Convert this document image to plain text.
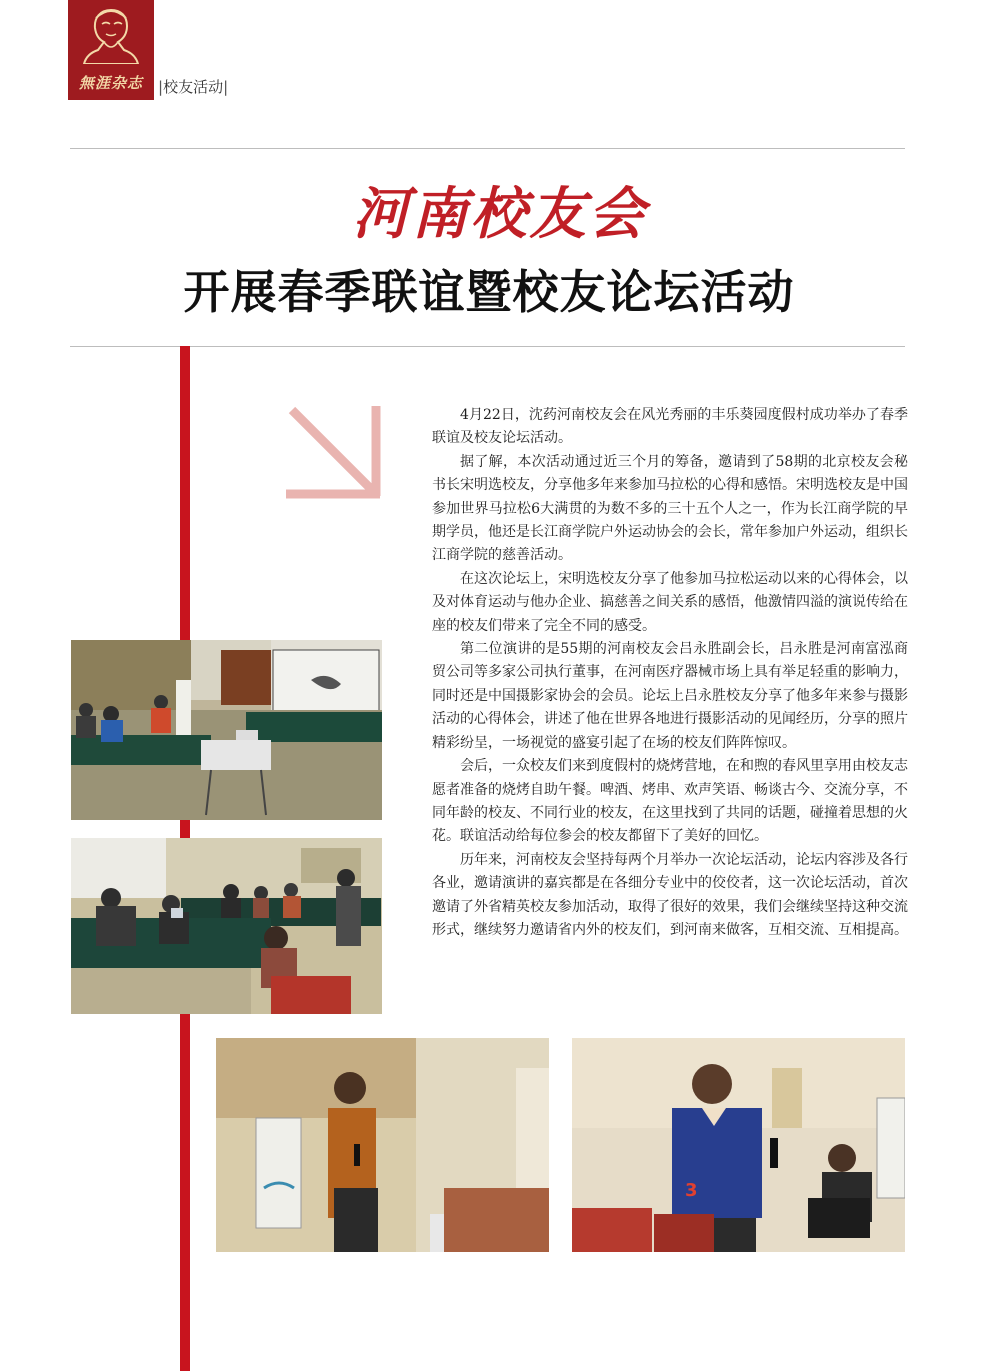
無涯杂志	|校友活动|
河南校友会
开展春季联谊暨校友论坛活动

4月22日，沈药河南校友会在风光秀丽的丰乐葵园度假村成功举办了春季联谊及校友论坛活动。

据了解，本次活动通过近三个月的筹备，邀请到了58期的北京校友会秘书长宋明选校友，分享他多年来参加马拉松的心得和感悟。宋明选校友是中国参加世界马拉松6大满贯的为数不多的三十五个人之一，作为长江商学院的早期学员，他还是长江商学院户外运动协会的会长，常年参加户外运动，组织长江商学院的慈善活动。

在这次论坛上，宋明选校友分享了他参加马拉松运动以来的心得体会，以及对体育运动与他办企业、搞慈善之间关系的感悟，他激情四溢的演说传给在座的校友们带来了完全不同的感受。

第二位演讲的是55期的河南校友会吕永胜副会长，吕永胜是河南富泓商贸公司等多家公司执行董事，在河南医疗器械市场上具有举足轻重的影响力，同时还是中国摄影家协会的会员。论坛上吕永胜校友分享了他多年来参与摄影活动的心得体会，讲述了他在世界各地进行摄影活动的见闻经历，分享的照片精彩纷呈，一场视觉的盛宴引起了在场的校友们阵阵惊叹。

会后，一众校友们来到度假村的烧烤营地，在和煦的春风里享用由校友志愿者准备的烧烤自助午餐。啤酒、烤串、欢声笑语、畅谈古今、交流分享，不同年龄的校友、不同行业的校友，在这里找到了共同的话题，碰撞着思想的火花。联谊活动给每位参会的校友都留下了美好的回忆。

历年来，河南校友会坚持每两个月举办一次论坛活动，论坛内容涉及各行各业，邀请演讲的嘉宾都是在各细分专业中的佼佼者，这一次论坛活动，首次邀请了外省精英校友参加活动，取得了很好的效果，我们会继续坚持这种交流形式，继续努力邀请省内外的校友们，到河南来做客，互相交流、互相提高。

3
